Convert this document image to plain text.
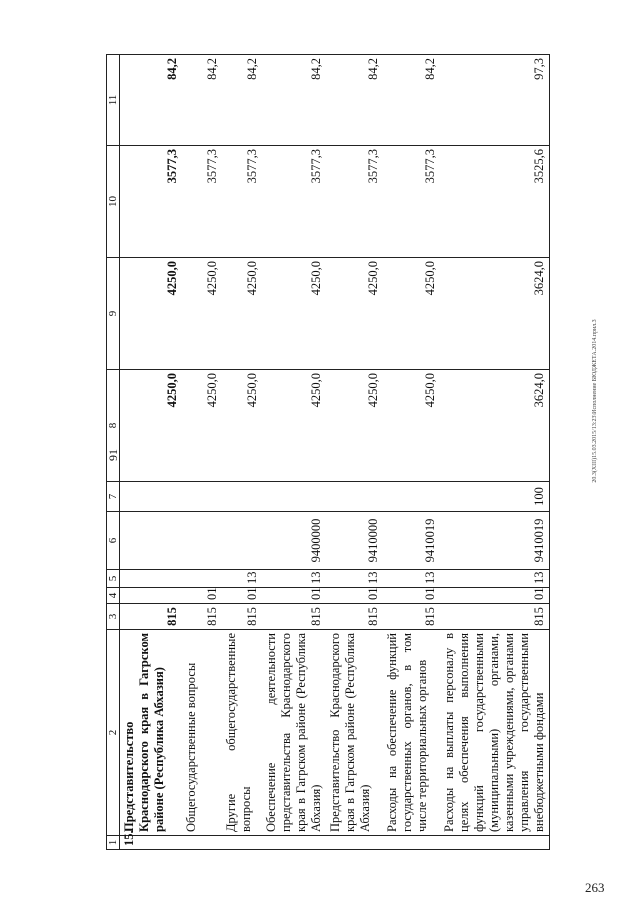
91	20.3(XIII)15.03.2015/13:23\Исполнение БЮДЖЕТА.2014.прил.3
263
1	2	3	4	5	6	7	8	9	10	11
15.	Представительство Краснодарского края в Гагрском районе (Республика Абхазия)	815					4250,0	4250,0	3577,3	84,2
	Общегосударственные вопросы	815	01				4250,0	4250,0	3577,3	84,2
	Другие общегосударственные вопросы	815	01	13			4250,0	4250,0	3577,3	84,2
	Обеспечение деятельности представительства Краснодарского края в Гагрском районе (Республика Абхазия)	815	01	13	9400000		4250,0	4250,0	3577,3	84,2
	Представительство Краснодарского края в Гагрском районе (Республика Абхазия)	815	01	13	9410000		4250,0	4250,0	3577,3	84,2
	Расходы на обеспечение функций государственных органов, в том числе территориальных органов	815	01	13	9410019		4250,0	4250,0	3577,3	84,2
	Расходы на выплаты персоналу в целях обеспечения выполнения функций государственными (муниципальными) органами, казенными учреждениями, органами управления государственными внебюджетными фондами	815	01	13	9410019	100	3624,0	3624,0	3525,6	97,3
